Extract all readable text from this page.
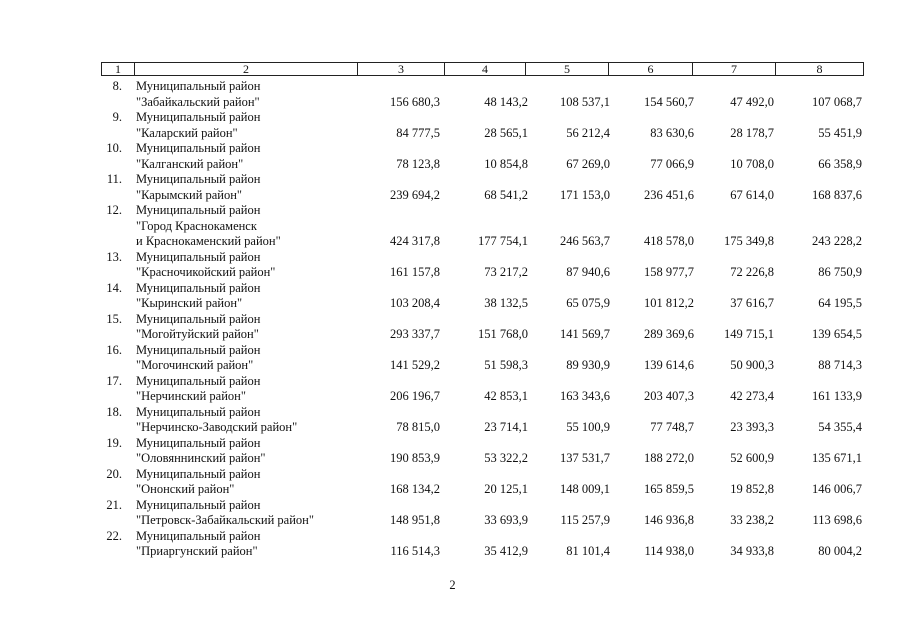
1	2	3	4	5	6	7	8
8. Муниципальный район
"Забайкальский район"	156 680,3	48 143,2	108 537,1	154 560,7	47 492,0	107 068,7
9. Муниципальный район
"Каларский район"	84 777,5	28 565,1	56 212,4	83 630,6	28 178,7	55 451,9
10. Муниципальный район
"Калганский район"	78 123,8	10 854,8	67 269,0	77 066,9	10 708,0	66 358,9
11. Муниципальный район
"Карымский район"	239 694,2	68 541,2	171 153,0	236 451,6	67 614,0	168 837,6
12. Муниципальный район
"Город Краснокаменск
и Краснокаменский район"	424 317,8	177 754,1	246 563,7	418 578,0	175 349,8	243 228,2
13. Муниципальный район
"Красночикойский район"	161 157,8	73 217,2	87 940,6	158 977,7	72 226,8	86 750,9
14. Муниципальный район
"Кыринский район"	103 208,4	38 132,5	65 075,9	101 812,2	37 616,7	64 195,5
15. Муниципальный район
"Могойтуйский район"	293 337,7	151 768,0	141 569,7	289 369,6	149 715,1	139 654,5
16. Муниципальный район
"Могочинский район"	141 529,2	51 598,3	89 930,9	139 614,6	50 900,3	88 714,3
17. Муниципальный район
"Нерчинский район"	206 196,7	42 853,1	163 343,6	203 407,3	42 273,4	161 133,9
18. Муниципальный район
"Нерчинско-Заводский район"	78 815,0	23 714,1	55 100,9	77 748,7	23 393,3	54 355,4
19. Муниципальный район
"Оловяннинский район"	190 853,9	53 322,2	137 531,7	188 272,0	52 600,9	135 671,1
20. Муниципальный район
"Ононский район"	168 134,2	20 125,1	148 009,1	165 859,5	19 852,8	146 006,7
21. Муниципальный район
"Петровск-Забайкальский район"	148 951,8	33 693,9	115 257,9	146 936,8	33 238,2	113 698,6
22. Муниципальный район
"Приаргунский район"	116 514,3	35 412,9	81 101,4	114 938,0	34 933,8	80 004,2
2
